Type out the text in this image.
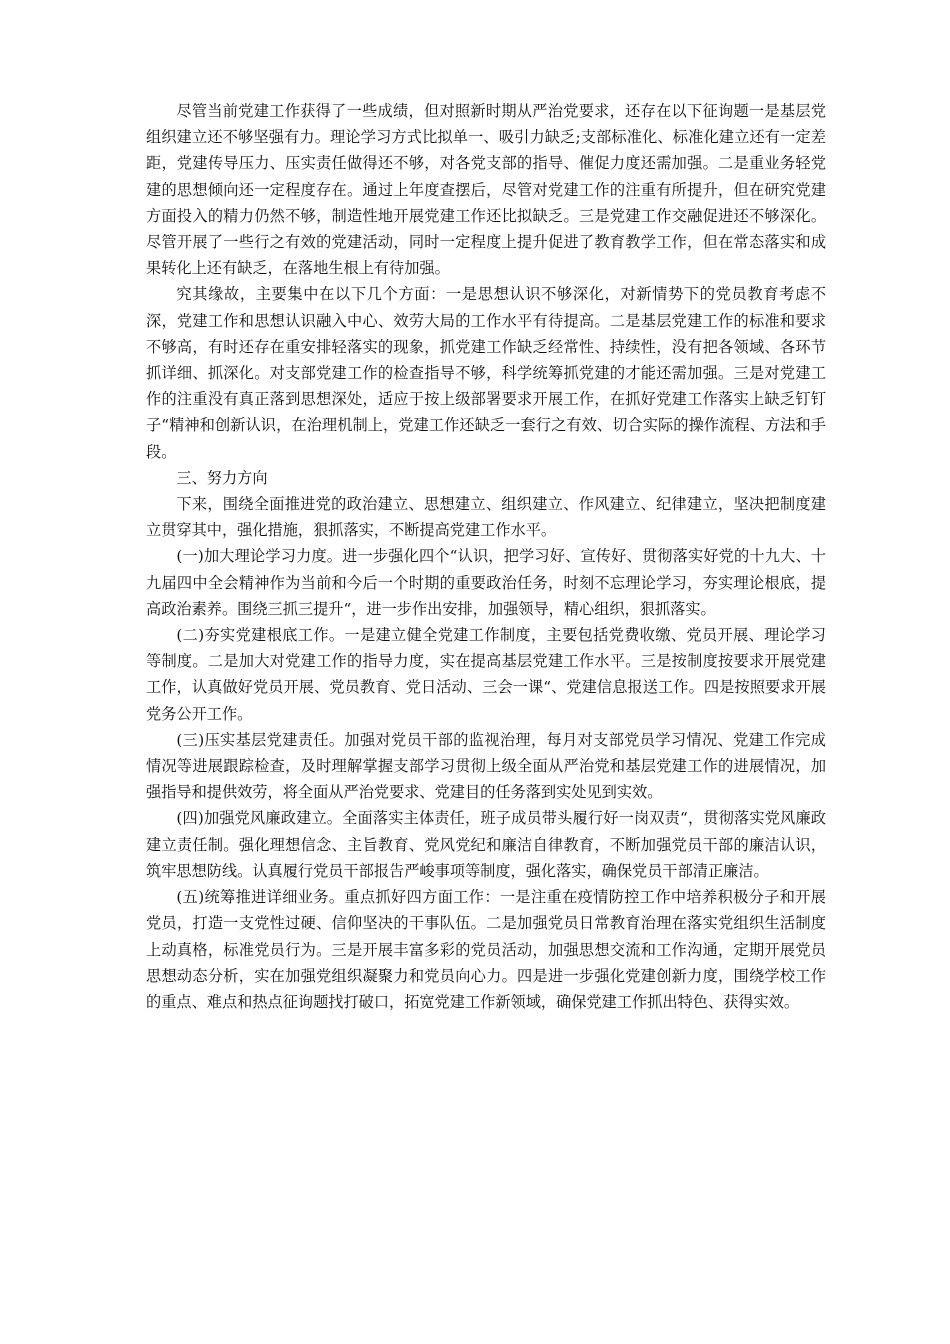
尽管当前党建工作获得了一些成绩，但对照新时期从严治党要求，还存在以下征询题一是基层党组织建立还不够坚强有力。理论学习方式比拟单一、吸引力缺乏;支部标准化、标准化建立还有一定差距，党建传导压力、压实责任做得还不够，对各党支部的指导、催促力度还需加强。二是重业务轻党建的思想倾向还一定程度存在。通过上年度查摆后，尽管对党建工作的注重有所提升，但在研究党建方面投入的精力仍然不够，制造性地开展党建工作还比拟缺乏。三是党建工作交融促进还不够深化。尽管开展了一些行之有效的党建活动，同时一定程度上提升促进了教育教学工作，但在常态落实和成果转化上还有缺乏，在落地生根上有待加强。

究其缘故，主要集中在以下几个方面：一是思想认识不够深化，对新情势下的党员教育考虑不深，党建工作和思想认识融入中心、效劳大局的工作水平有待提高。二是基层党建工作的标准和要求不够高，有时还存在重安排轻落实的现象，抓党建工作缺乏经常性、持续性，没有把各领域、各环节抓详细、抓深化。对支部党建工作的检查指导不够，科学统筹抓党建的才能还需加强。三是对党建工作的注重没有真正落到思想深处，适应于按上级部署要求开展工作，在抓好党建工作落实上缺乏钉钉子“精神和创新认识，在治理机制上，党建工作还缺乏一套行之有效、切合实际的操作流程、方法和手段。

三、努力方向

下来，围绕全面推进党的政治建立、思想建立、组织建立、作风建立、纪律建立，坚决把制度建立贯穿其中，强化措施，狠抓落实，不断提高党建工作水平。

(一)加大理论学习力度。进一步强化四个“认识，把学习好、宣传好、贯彻落实好党的十九大、十九届四中全会精神作为当前和今后一个时期的重要政治任务，时刻不忘理论学习，夯实理论根底，提高政治素养。围绕三抓三提升“，进一步作出安排，加强领导，精心组织，狠抓落实。

(二)夯实党建根底工作。一是建立健全党建工作制度，主要包括党费收缴、党员开展、理论学习等制度。二是加大对党建工作的指导力度，实在提高基层党建工作水平。三是按制度按要求开展党建工作，认真做好党员开展、党员教育、党日活动、三会一课“、党建信息报送工作。四是按照要求开展党务公开工作。

(三)压实基层党建责任。加强对党员干部的监视治理，每月对支部党员学习情况、党建工作完成情况等进展跟踪检查，及时理解掌握支部学习贯彻上级全面从严治党和基层党建工作的进展情况，加强指导和提供效劳，将全面从严治党要求、党建目的任务落到实处见到实效。

(四)加强党风廉政建立。全面落实主体责任，班子成员带头履行好一岗双责“，贯彻落实党风廉政建立责任制。强化理想信念、主旨教育、党风党纪和廉洁自律教育，不断加强党员干部的廉洁认识，筑牢思想防线。认真履行党员干部报告严峻事项等制度，强化落实，确保党员干部清正廉洁。

(五)统筹推进详细业务。重点抓好四方面工作：一是注重在疫情防控工作中培养积极分子和开展党员，打造一支党性过硬、信仰坚决的干事队伍。二是加强党员日常教育治理在落实党组织生活制度上动真格，标准党员行为。三是开展丰富多彩的党员活动，加强思想交流和工作沟通，定期开展党员思想动态分析，实在加强党组织凝聚力和党员向心力。四是进一步强化党建创新力度，围绕学校工作的重点、难点和热点征询题找打破口，拓宽党建工作新领域，确保党建工作抓出特色、获得实效。
